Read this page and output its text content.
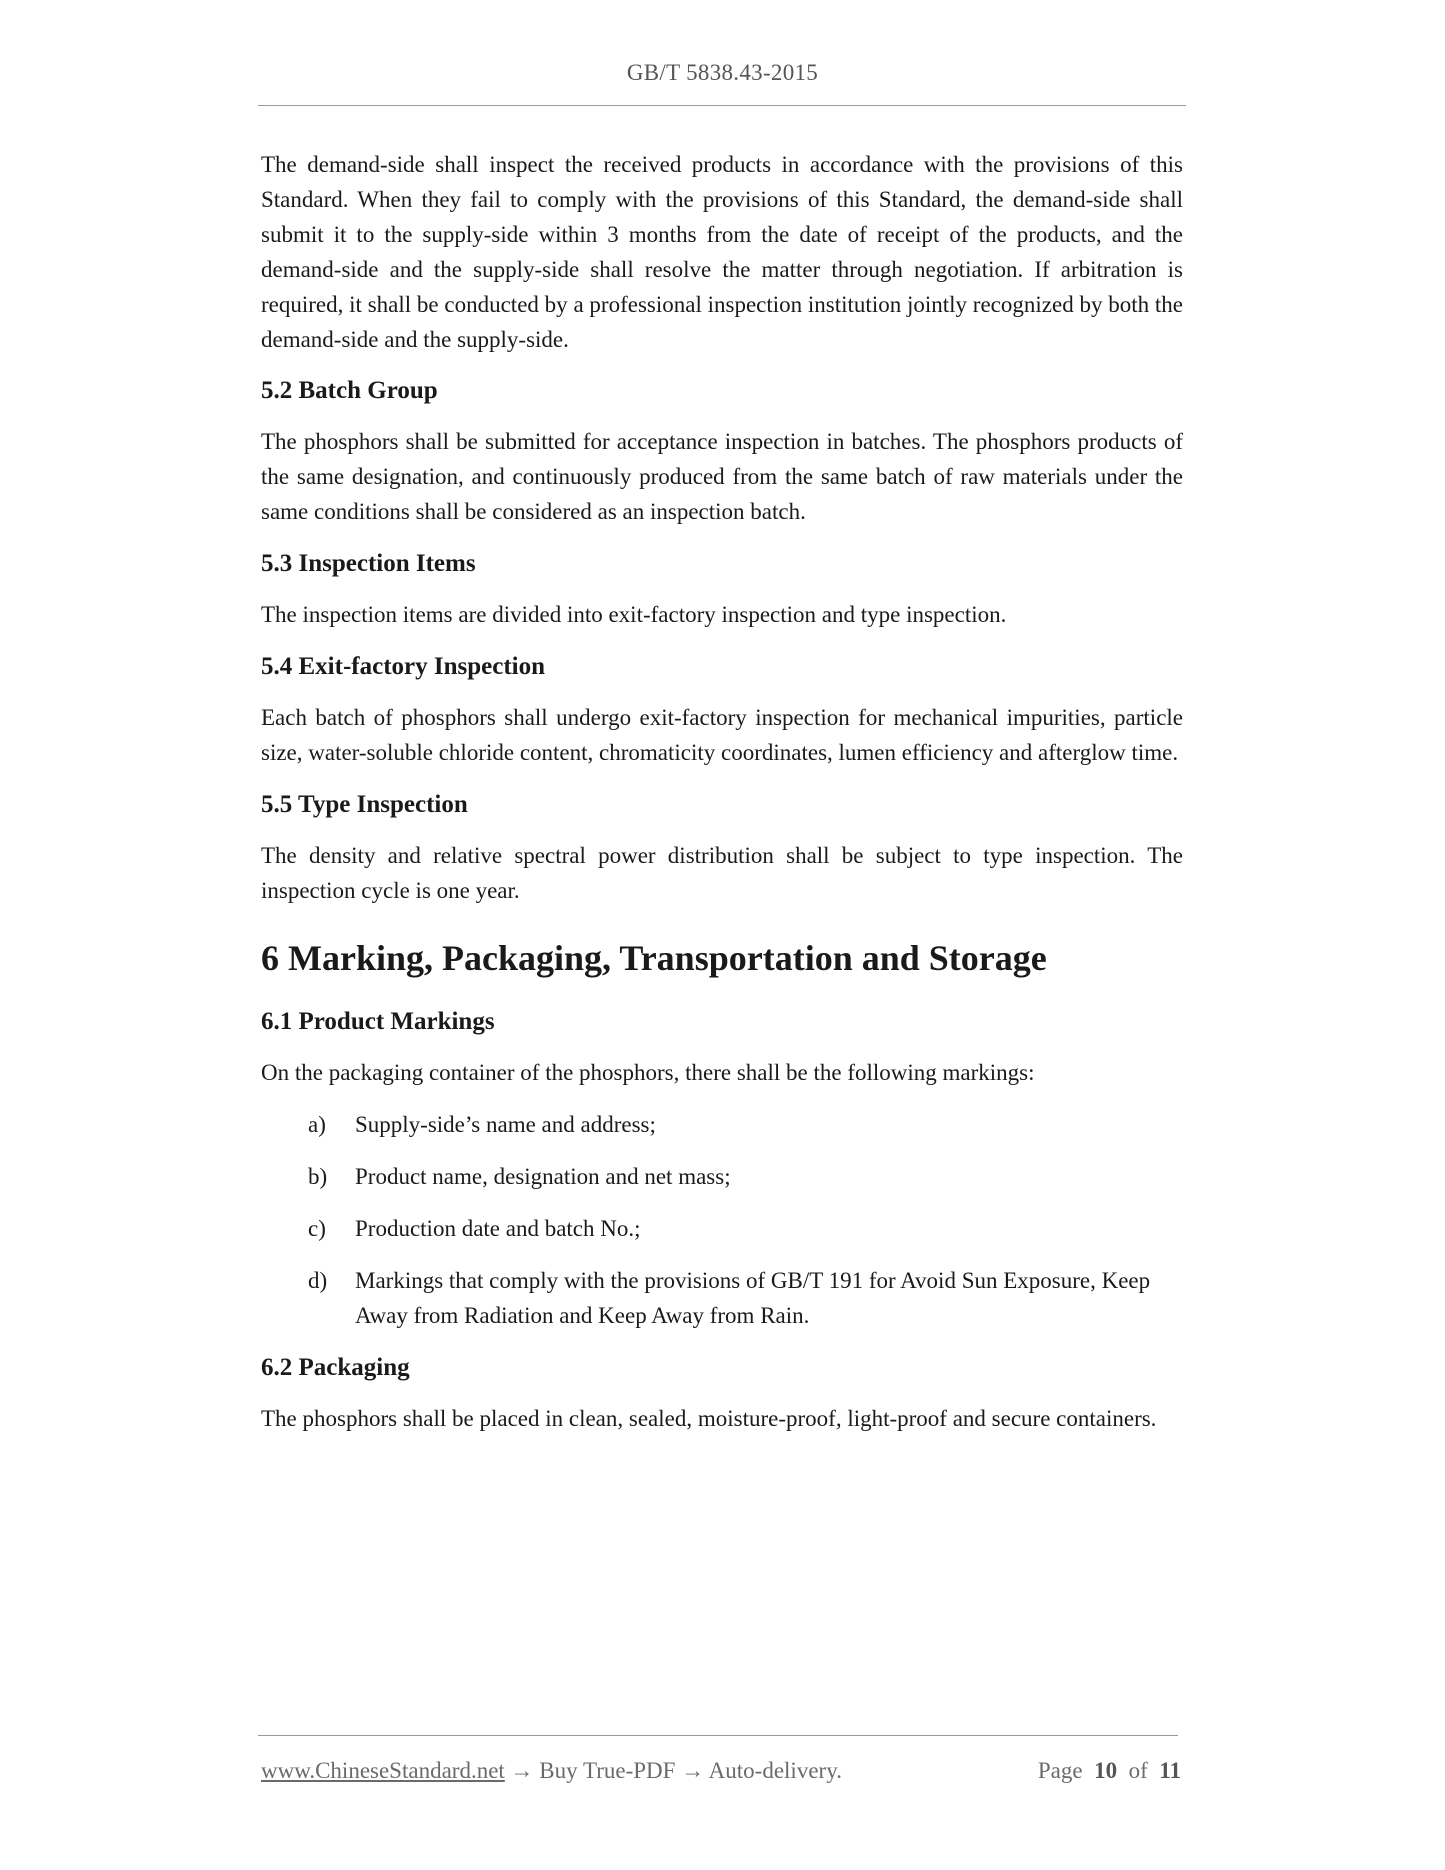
GB/T 5838.43-2015

The demand-side shall inspect the received products in accordance with the provisions of this Standard. When they fail to comply with the provisions of this Standard, the demand-side shall submit it to the supply-side within 3 months from the date of receipt of the products, and the demand-side and the supply-side shall resolve the matter through negotiation. If arbitration is required, it shall be conducted by a professional inspection institution jointly recognized by both the demand-side and the supply-side.

5.2 Batch Group

The phosphors shall be submitted for acceptance inspection in batches. The phosphors products of the same designation, and continuously produced from the same batch of raw materials under the same conditions shall be considered as an inspection batch.

5.3 Inspection Items

The inspection items are divided into exit-factory inspection and type inspection.

5.4 Exit-factory Inspection

Each batch of phosphors shall undergo exit-factory inspection for mechanical impurities, particle size, water-soluble chloride content, chromaticity coordinates, lumen efficiency and afterglow time.

5.5 Type Inspection

The density and relative spectral power distribution shall be subject to type inspection. The inspection cycle is one year.

6 Marking, Packaging, Transportation and Storage
6.1 Product Markings

On the packaging container of the phosphors, there shall be the following markings:

a)	Supply-side’s name and address;
b)	Product name, designation and net mass;
c)	Production date and batch No.;
d)	Markings that comply with the provisions of GB/T 191 for Avoid Sun Exposure, Keep Away from Radiation and Keep Away from Rain.
6.2 Packaging

The phosphors shall be placed in clean, sealed, moisture-proof, light-proof and secure containers.

www.ChineseStandard.net → Buy True-PDF → Auto-delivery.	Page 10 of 11
